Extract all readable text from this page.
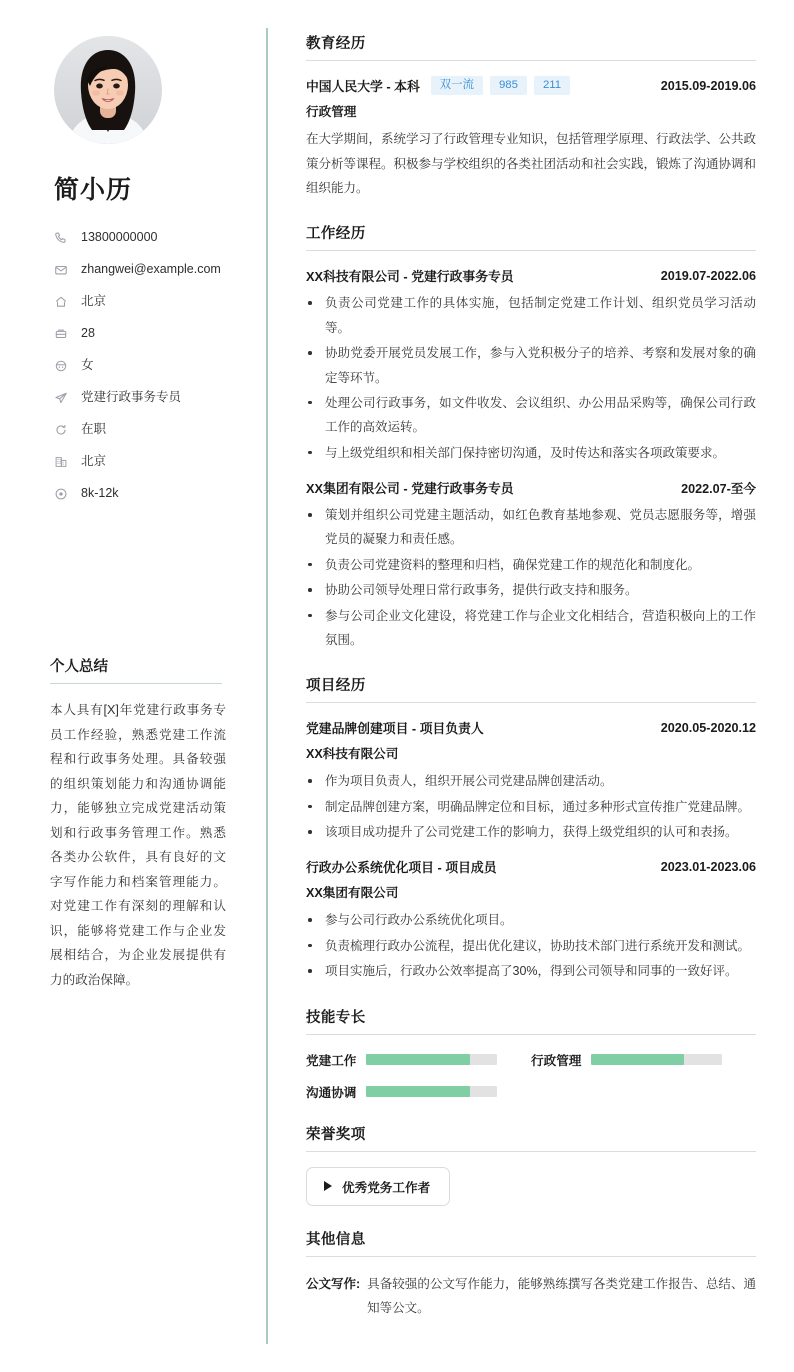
简小历
13800000000
zhangwei@example.com
北京
28
女
党建行政事务专员
在职
北京
8k-12k
个人总结

本人具有[X]年党建行政事务专员工作经验，熟悉党建工作流程和行政事务处理。具备较强的组织策划能力和沟通协调能力，能够独立完成党建活动策划和行政事务管理工作。熟悉各类办公软件，具有良好的文字写作能力和档案管理能力。对党建工作有深刻的理解和认识，能够将党建工作与企业发展相结合，为企业发展提供有力的政治保障。

教育经历
中国人民大学 - 本科	双一流	985	211	2015.09-2019.06
行政管理

在大学期间，系统学习了行政管理专业知识，包括管理学原理、行政法学、公共政策分析等课程。积极参与学校组织的各类社团活动和社会实践，锻炼了沟通协调和组织能力。

工作经历
XX科技有限公司 - 党建行政事务专员	2019.07-2022.06
负责公司党建工作的具体实施，包括制定党建工作计划、组织党员学习活动等。
协助党委开展党员发展工作，参与入党积极分子的培养、考察和发展对象的确定等环节。
处理公司行政事务，如文件收发、会议组织、办公用品采购等，确保公司行政工作的高效运转。
与上级党组织和相关部门保持密切沟通，及时传达和落实各项政策要求。
XX集团有限公司 - 党建行政事务专员	2022.07-至今
策划并组织公司党建主题活动，如红色教育基地参观、党员志愿服务等，增强党员的凝聚力和责任感。
负责公司党建资料的整理和归档，确保党建工作的规范化和制度化。
协助公司领导处理日常行政事务，提供行政支持和服务。
参与公司企业文化建设，将党建工作与企业文化相结合，营造积极向上的工作氛围。
项目经历
党建品牌创建项目 - 项目负责人	2020.05-2020.12
XX科技有限公司
作为项目负责人，组织开展公司党建品牌创建活动。
制定品牌创建方案，明确品牌定位和目标，通过多种形式宣传推广党建品牌。
该项目成功提升了公司党建工作的影响力，获得上级党组织的认可和表扬。
行政办公系统优化项目 - 项目成员	2023.01-2023.06
XX集团有限公司
参与公司行政办公系统优化项目。
负责梳理行政办公流程，提出优化建议，协助技术部门进行系统开发和测试。
项目实施后，行政办公效率提高了30%，得到公司领导和同事的一致好评。
技能专长
党建工作	行政管理
沟通协调
荣誉奖项
优秀党务工作者
其他信息
公文写作: 具备较强的公文写作能力，能够熟练撰写各类党建工作报告、总结、通知等公文。
